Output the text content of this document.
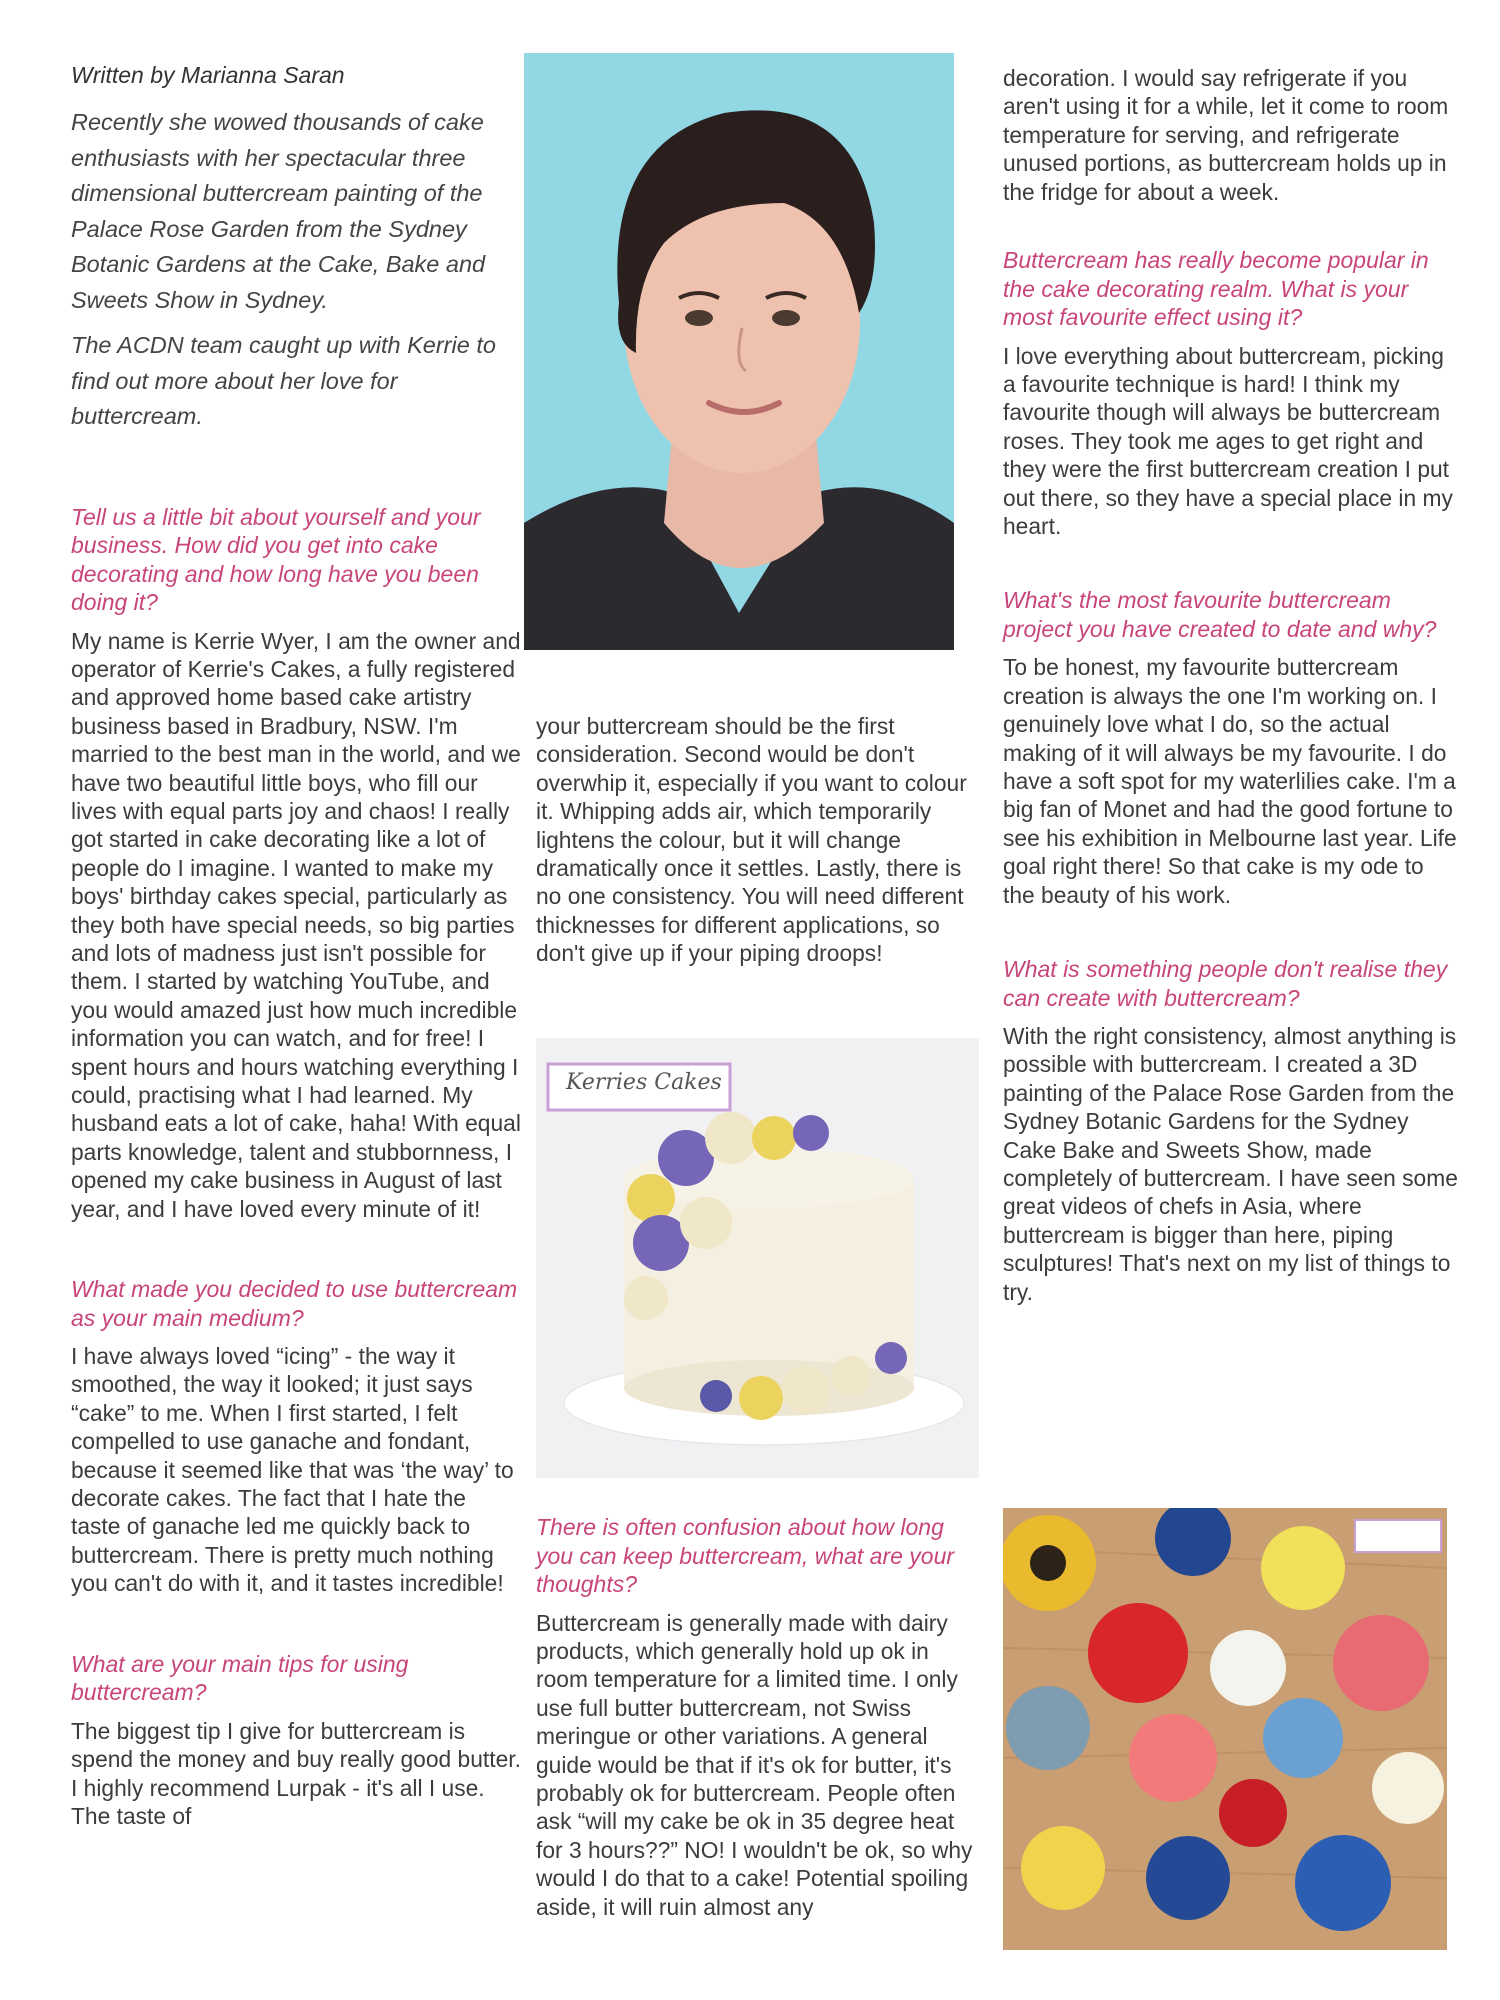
Written by Marianna Saran

Recently she wowed thousands of cake enthusiasts with her spectacular three dimensional buttercream painting of the Palace Rose Garden from the Sydney Botanic Gardens at the Cake, Bake and Sweets Show in Sydney.

The ACDN team caught up with Kerrie to find out more about her love for buttercream.

Tell us a little bit about yourself and your business. How did you get into cake decorating and how long have you been doing it?

My name is Kerrie Wyer, I am the owner and operator of Kerrie's Cakes, a fully registered and approved home based cake artistry business based in Bradbury, NSW. I'm married to the best man in the world, and we have two beautiful little boys, who fill our lives with equal parts joy and chaos! I really got started in cake decorating like a lot of people do I imagine. I wanted to make my boys' birthday cakes special, particularly as they both have special needs, so big parties and lots of madness just isn't possible for them. I started by watching YouTube, and you would amazed just how much incredible information you can watch, and for free! I spent hours and hours watching everything I could, practising what I had learned. My husband eats a lot of cake, haha! With equal parts knowledge, talent and stubbornness, I opened my cake business in August of last year, and I have loved every minute of it!

What made you decided to use buttercream as your main medium?

I have always loved “icing” - the way it smoothed, the way it looked; it just says “cake” to me. When I first started, I felt compelled to use ganache and fondant, because it seemed like that was ‘the way’ to decorate cakes. The fact that I hate the taste of ganache led me quickly back to buttercream. There is pretty much nothing you can't do with it, and it tastes incredible!

What are your main tips for using buttercream?

The biggest tip I give for buttercream is spend the money and buy really good butter. I highly recommend Lurpak - it's all I use. The taste of

your buttercream should be the first consideration. Second would be don't overwhip it, especially if you want to colour it. Whipping adds air, which temporarily lightens the colour, but it will change dramatically once it settles. Lastly, there is no one consistency. You will need different thicknesses for different applications, so don't give up if your piping droops!

Kerries Cakes

There is often confusion about how long you can keep buttercream, what are your thoughts?

Buttercream is generally made with dairy products, which generally hold up ok in room temperature for a limited time. I only use full butter buttercream, not Swiss meringue or other variations. A general guide would be that if it's ok for butter, it's probably ok for buttercream. People often ask “will my cake be ok in 35 degree heat for 3 hours??” NO! I wouldn't be ok, so why would I do that to a cake! Potential spoiling aside, it will ruin almost any

decoration. I would say refrigerate if you aren't using it for a while, let it come to room temperature for serving, and refrigerate unused portions, as buttercream holds up in the fridge for about a week.

Buttercream has really become popular in the cake decorating realm. What is your most favourite effect using it?

I love everything about buttercream, picking a favourite technique is hard! I think my favourite though will always be buttercream roses. They took me ages to get right and they were the first buttercream creation I put out there, so they have a special place in my heart.

What's the most favourite buttercream project you have created to date and why?

To be honest, my favourite buttercream creation is always the one I'm working on. I genuinely love what I do, so the actual making of it will always be my favourite. I do have a soft spot for my waterlilies cake. I'm a big fan of Monet and had the good fortune to see his exhibition in Melbourne last year. Life goal right there! So that cake is my ode to the beauty of his work.

What is something people don't realise they can create with buttercream?

With the right consistency, almost anything is possible with buttercream. I created a 3D painting of the Palace Rose Garden from the Sydney Botanic Gardens for the Sydney Cake Bake and Sweets Show, made completely of buttercream. I have seen some great videos of chefs in Asia, where buttercream is bigger than here, piping sculptures! That's next on my list of things to try.
